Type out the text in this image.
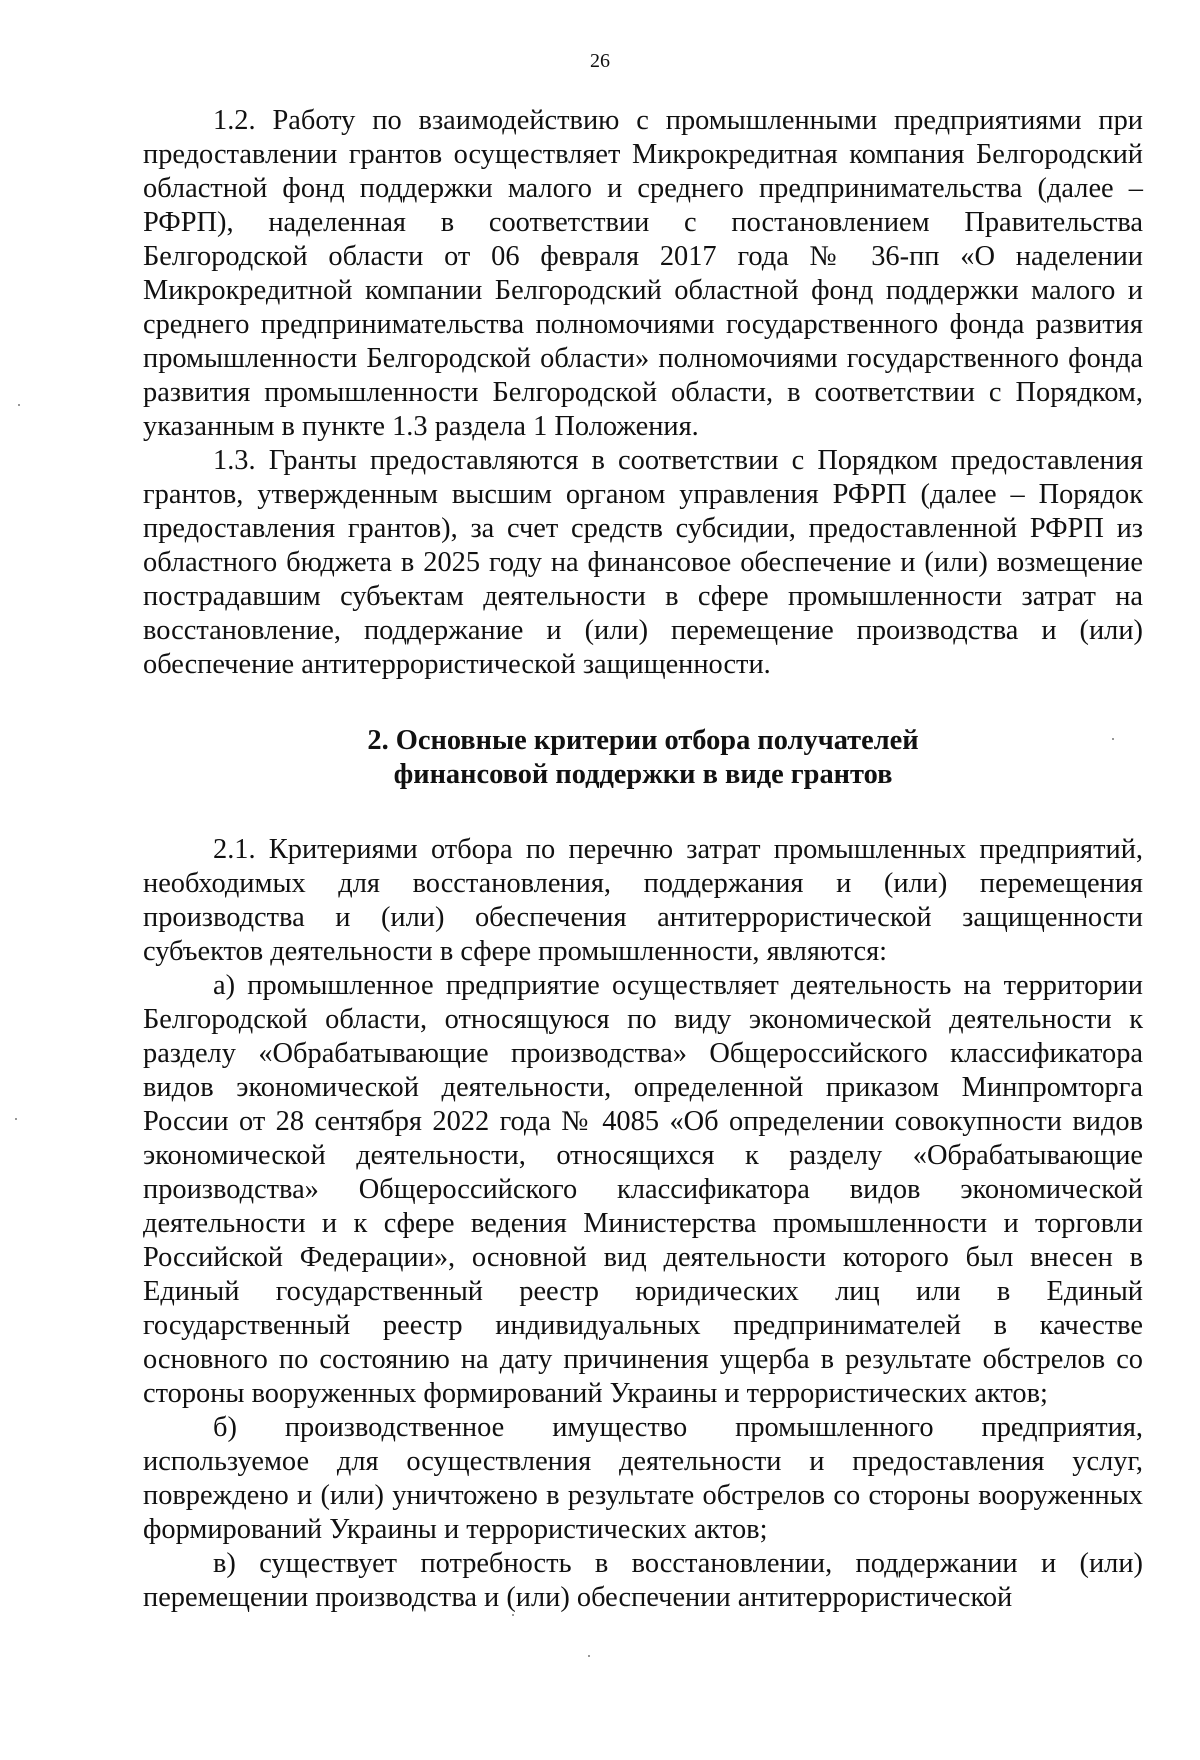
26

1.2. Работу по взаимодействию с промышленными предприятиями при предоставлении грантов осуществляет Микрокредитная компания Белгородский областной фонд поддержки малого и среднего предпринимательства (далее – РФРП), наделенная в соответствии с постановлением Правительства Белгородской области от 06 февраля 2017 года № 36-пп «О наделении Микрокредитной компании Белгородский областной фонд поддержки малого и среднего предпринимательства полномочиями государственного фонда развития промышленности Белгородской области» полномочиями государственного фонда развития промышленности Белгородской области, в соответствии с Порядком, указанным в пункте 1.3 раздела 1 Положения.

1.3. Гранты предоставляются в соответствии с Порядком предоставления грантов, утвержденным высшим органом управления РФРП (далее – Порядок предоставления грантов), за счет средств субсидии, предоставленной РФРП из областного бюджета в 2025 году на финансовое обеспечение и (или) возмещение пострадавшим субъектам деятельности в сфере промышленности затрат на восстановление, поддержание и (или) перемещение производства и (или) обеспечение антитеррористической защищенности.

2. Основные критерии отбора получателей
финансовой поддержки в виде грантов

2.1. Критериями отбора по перечню затрат промышленных предприятий, необходимых для восстановления, поддержания и (или) перемещения производства и (или) обеспечения антитеррористической защищенности субъектов деятельности в сфере промышленности, являются:

а) промышленное предприятие осуществляет деятельность на территории Белгородской области, относящуюся по виду экономической деятельности к разделу «Обрабатывающие производства» Общероссийского классификатора видов экономической деятельности, определенной приказом Минпромторга России от 28 сентября 2022 года № 4085 «Об определении совокупности видов экономической деятельности, относящихся к разделу «Обрабатывающие производства» Общероссийского классификатора видов экономической деятельности и к сфере ведения Министерства промышленности и торговли Российской Федерации», основной вид деятельности которого был внесен в Единый государственный реестр юридических лиц или в Единый государственный реестр индивидуальных предпринимателей в качестве основного по состоянию на дату причинения ущерба в результате обстрелов со стороны вооруженных формирований Украины и террористических актов;

б) производственное имущество промышленного предприятия, используемое для осуществления деятельности и предоставления услуг, повреждено и (или) уничтожено в результате обстрелов со стороны вооруженных формирований Украины и террористических актов;

в) существует потребность в восстановлении, поддержании и (или) перемещении производства и (или) обеспечении антитеррористической
